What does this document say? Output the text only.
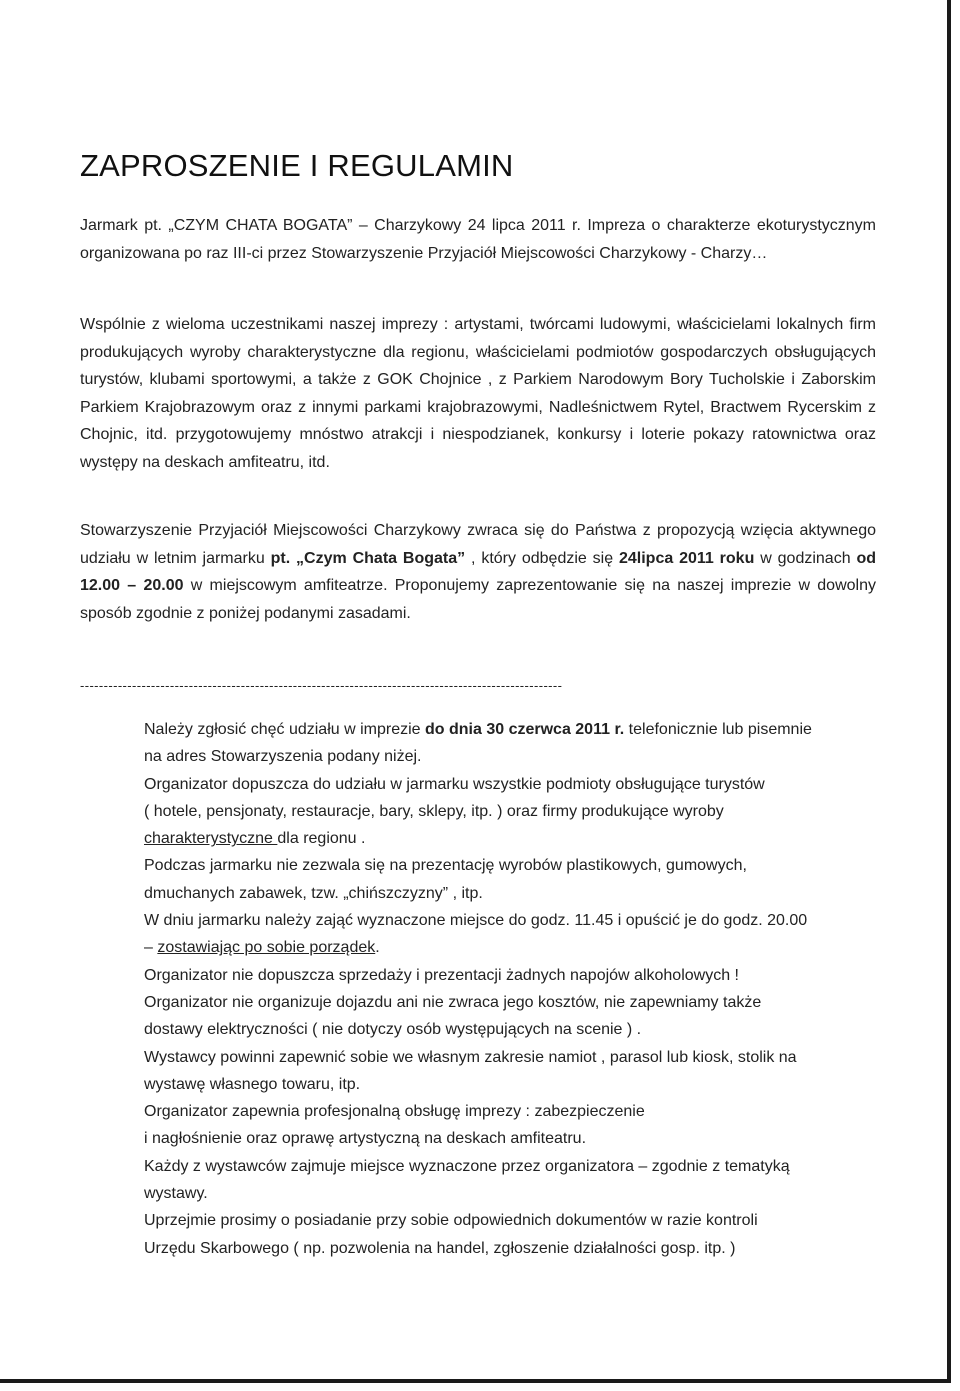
ZAPROSZENIE I REGULAMIN
Jarmark pt. „CZYM CHATA BOGATA” – Charzykowy 24 lipca 2011 r. Impreza o charakterze ekoturystycznym organizowana po raz III-ci przez Stowarzyszenie Przyjaciół Miejscowości Charzykowy - Charzy…
Wspólnie z wieloma uczestnikami naszej imprezy : artystami, twórcami ludowymi, właścicielami lokalnych firm produkujących wyroby charakterystyczne dla regionu, właścicielami podmiotów gospodarczych obsługujących turystów, klubami sportowymi, a także z GOK Chojnice , z Parkiem Narodowym Bory Tucholskie i Zaborskim Parkiem Krajobrazowym oraz z innymi parkami krajobrazowymi, Nadleśnictwem Rytel, Bractwem Rycerskim z Chojnic, itd. przygotowujemy mnóstwo atrakcji i niespodzianek, konkursy i loterie pokazy ratownictwa oraz występy na deskach amfiteatru, itd.
Stowarzyszenie Przyjaciół Miejscowości Charzykowy zwraca się do Państwa z propozycją wzięcia aktywnego udziału w letnim jarmarku pt. „Czym Chata Bogata” , który odbędzie się 24lipca 2011 roku w godzinach od 12.00 – 20.00 w miejscowym amfiteatrze. Proponujemy zaprezentowanie się na naszej imprezie w dowolny sposób zgodnie z poniżej podanymi zasadami.
------------------------------------------------------------------------------------------------------

Należy zgłosić chęć udziału w imprezie do dnia 30 czerwca 2011 r. telefonicznie lub pisemnie
na adres Stowarzyszenia podany niżej.

Organizator dopuszcza do udziału w jarmarku wszystkie podmioty obsługujące turystów
( hotele, pensjonaty, restauracje, bary, sklepy, itp. ) oraz firmy produkujące wyroby
charakterystyczne dla regionu .

Podczas jarmarku nie zezwala się na prezentację wyrobów plastikowych, gumowych,
dmuchanych zabawek, tzw. „chińszczyzny” , itp.

W dniu jarmarku należy zająć wyznaczone miejsce do godz. 11.45 i opuścić je do godz. 20.00
– zostawiając po sobie porządek.

Organizator nie dopuszcza sprzedaży i prezentacji żadnych napojów alkoholowych !

Organizator nie organizuje dojazdu ani nie zwraca jego kosztów, nie zapewniamy także
dostawy elektryczności ( nie dotyczy osób występujących na scenie ) .

Wystawcy powinni zapewnić sobie we własnym zakresie namiot , parasol lub kiosk, stolik na
wystawę własnego towaru, itp.

Organizator zapewnia profesjonalną obsługę imprezy : zabezpieczenie
i nagłośnienie oraz oprawę artystyczną na deskach amfiteatru.

Każdy z wystawców zajmuje miejsce wyznaczone przez organizatora – zgodnie z tematyką
wystawy.

Uprzejmie prosimy o posiadanie przy sobie odpowiednich dokumentów w razie kontroli
Urzędu Skarbowego ( np. pozwolenia na handel, zgłoszenie działalności gosp. itp. )
